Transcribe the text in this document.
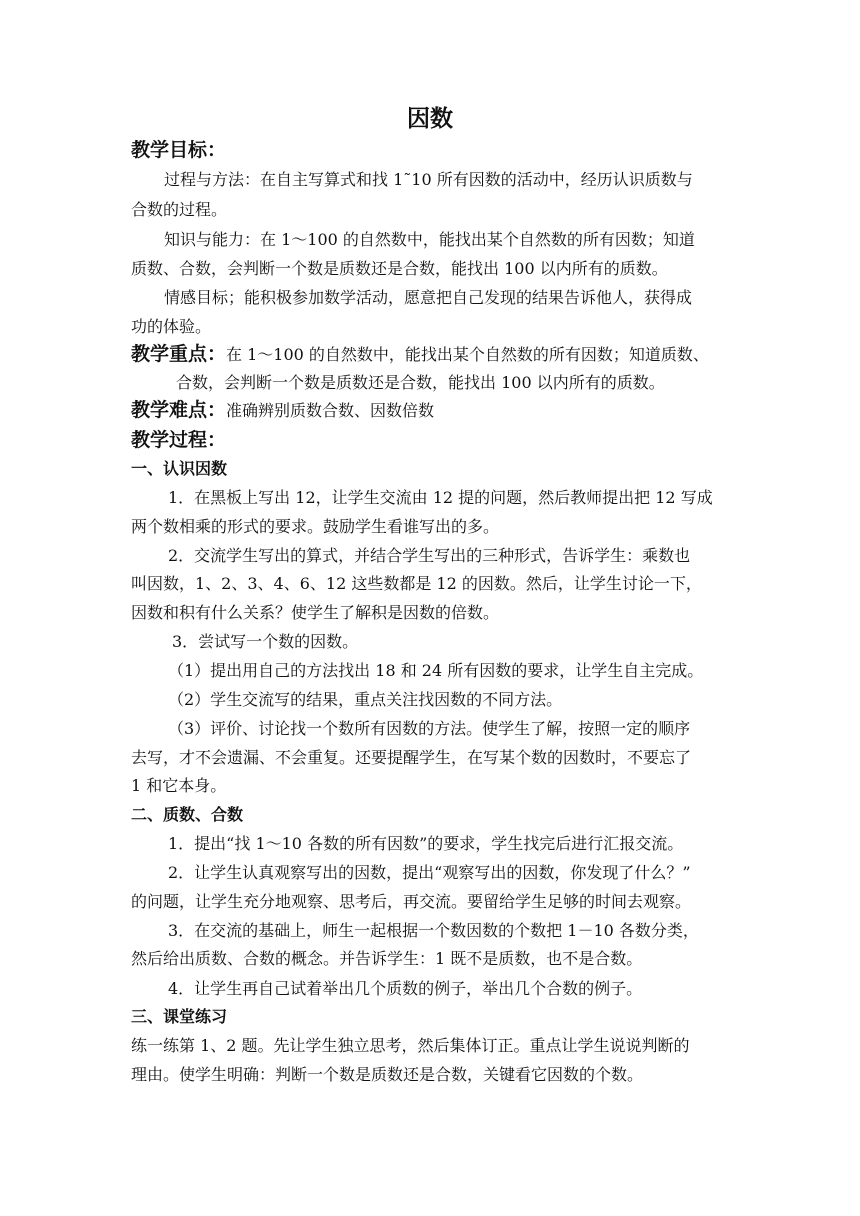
因数
教学目标：
过程与方法：在自主写算式和找 1˜10 所有因数的活动中，经历认识质数与
合数的过程。
知识与能力：在 1～100 的自然数中，能找出某个自然数的所有因数；知道
质数、合数，会判断一个数是质数还是合数，能找出 100 以内所有的质数。
情感目标；能积极参加数学活动，愿意把自己发现的结果告诉他人，获得成
功的体验。
教学重点：在 1～100 的自然数中，能找出某个自然数的所有因数；知道质数、
合数，会判断一个数是质数还是合数，能找出 100 以内所有的质数。
教学难点：准确辨别质数合数、因数倍数
教学过程：
一、认识因数
1．在黑板上写出 12，让学生交流由 12 提的问题，然后教师提出把 12 写成
两个数相乘的形式的要求。鼓励学生看谁写出的多。
2．交流学生写出的算式，并结合学生写出的三种形式，告诉学生：乘数也
叫因数，1、2、3、4、6、12 这些数都是 12 的因数。然后，让学生讨论一下，
因数和积有什么关系？使学生了解积是因数的倍数。
3．尝试写一个数的因数。
（1）提出用自己的方法找出 18 和 24 所有因数的要求，让学生自主完成。
（2）学生交流写的结果，重点关注找因数的不同方法。
（3）评价、讨论找一个数所有因数的方法。使学生了解，按照一定的顺序
去写，才不会遗漏、不会重复。还要提醒学生，在写某个数的因数时，不要忘了
1 和它本身。
二、质数、合数
1．提出“找 1～10 各数的所有因数”的要求，学生找完后进行汇报交流。
2．让学生认真观察写出的因数，提出“观察写出的因数，你发现了什么？”
的问题，让学生充分地观察、思考后，再交流。要留给学生足够的时间去观察。
3．在交流的基础上，师生一起根据一个数因数的个数把 1－10 各数分类，
然后给出质数、合数的概念。并告诉学生：1 既不是质数，也不是合数。
4．让学生再自己试着举出几个质数的例子，举出几个合数的例子。
三、课堂练习
练一练第 1、2 题。先让学生独立思考，然后集体订正。重点让学生说说判断的
理由。使学生明确：判断一个数是质数还是合数，关键看它因数的个数。
